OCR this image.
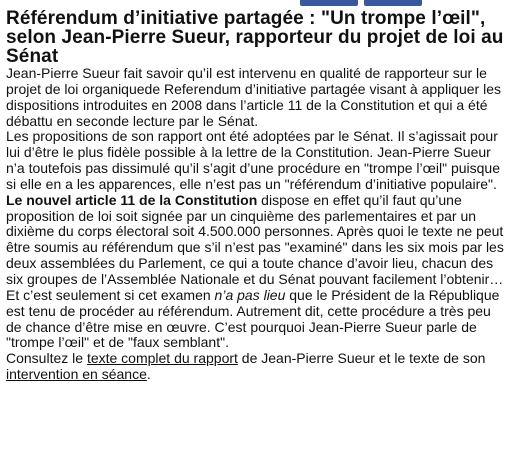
Référendum d’initiative partagée : "Un trompe l’œil", selon Jean-Pierre Sueur, rapporteur du projet de loi au Sénat
Jean-Pierre Sueur fait savoir qu’il est intervenu en qualité de rapporteur sur le projet de loi organiquede Referendum d’initiative partagée visant à appliquer les dispositions introduites en 2008 dans l’article 11 de la Constitution et qui a été débattu en seconde lecture par le Sénat.
Les propositions de son rapport ont été adoptées par le Sénat. Il s’agissait pour lui d’être le plus fidèle possible à la lettre de la Constitution. Jean-Pierre Sueur n’a toutefois pas dissimulé qu’il s’agit d’une procédure en "trompe l’œil" puisque si elle en a les apparences, elle n’est pas un "référendum d’initiative populaire".
Le nouvel article 11 de la Constitution dispose en effet qu’il faut qu’une proposition de loi soit signée par un cinquième des parlementaires et par un dixième du corps électoral soit 4.500.000 personnes. Après quoi le texte ne peut être soumis au référendum que s’il n’est pas "examiné" dans les six mois par les deux assemblées du Parlement, ce qui a toute chance d’avoir lieu, chacun des six groupes de l’Assemblée Nationale et du Sénat pouvant facilement l’obtenir…
Et c’est seulement si cet examen n’a pas lieu que le Président de la République est tenu de procéder au référendum. Autrement dit, cette procédure a très peu de chance d’être mise en œuvre. C’est pourquoi Jean-Pierre Sueur parle de "trompe l’œil" et de "faux semblant".
Consultez le texte complet du rapport de Jean-Pierre Sueur et le texte de son intervention en séance.
